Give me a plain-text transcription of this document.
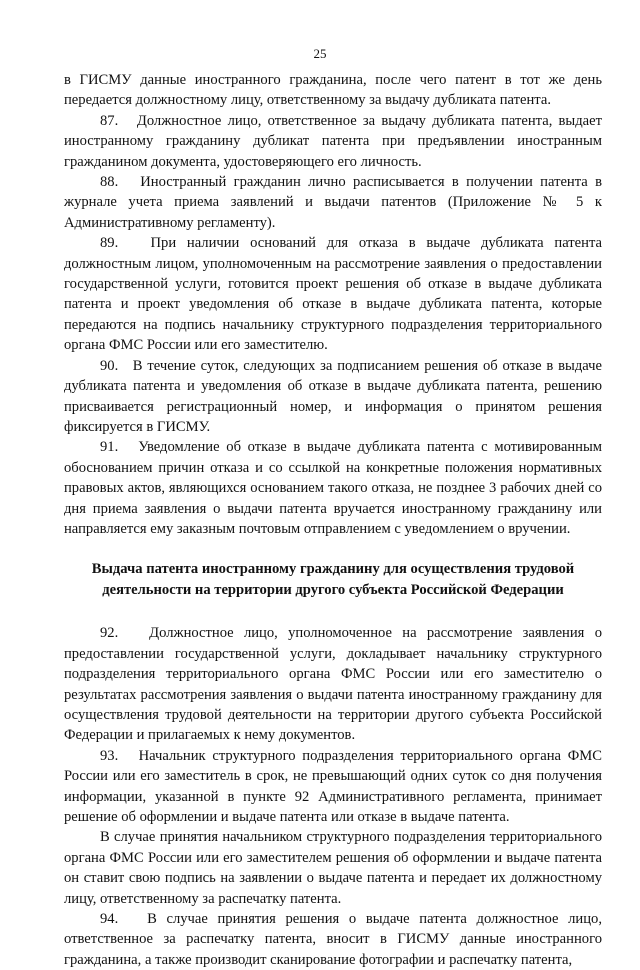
25

в ГИСМУ данные иностранного гражданина, после чего патент в тот же день передается должностному лицу, ответственному за выдачу дубликата патента.

87.   Должностное лицо, ответственное за выдачу дубликата патента, выдает иностранному гражданину дубликат патента при предъявлении иностранным гражданином документа, удостоверяющего его личность.

88.   Иностранный гражданин лично расписывается в получении патента в журнале учета приема заявлений и выдачи патентов (Приложение № 5 к Административному регламенту).

89.   При наличии оснований для отказа в выдаче дубликата патента должностным лицом, уполномоченным на рассмотрение заявления о предоставлении государственной услуги, готовится проект решения об отказе в выдаче дубликата патента и проект уведомления об отказе в выдаче дубликата патента, которые передаются на подпись начальнику структурного подразделения территориального органа ФМС России или его заместителю.

90.   В течение суток, следующих за подписанием решения об отказе в выдаче дубликата патента и уведомления об отказе в выдаче дубликата патента, решению присваивается регистрационный номер, и информация о принятом решения фиксируется в ГИСМУ.

91.   Уведомление об отказе в выдаче дубликата патента с мотивированным обоснованием причин отказа и со ссылкой на конкретные положения нормативных правовых актов, являющихся основанием такого отказа, не позднее 3 рабочих дней со дня приема заявления о выдачи патента вручается иностранному гражданину или направляется ему заказным почтовым отправлением с уведомлением о вручении.

Выдача патента иностранному гражданину для осуществления трудовой деятельности на территории другого субъекта Российской Федерации

92.   Должностное лицо, уполномоченное на рассмотрение заявления о предоставлении государственной услуги, докладывает начальнику структурного подразделения территориального органа ФМС России или его заместителю о результатах рассмотрения заявления о выдачи патента иностранному гражданину для осуществления трудовой деятельности на территории другого субъекта Российской Федерации и прилагаемых к нему документов.

93.   Начальник структурного подразделения территориального органа ФМС России или его заместитель в срок, не превышающий одних суток со дня получения информации, указанной в пункте 92 Административного регламента, принимает решение об оформлении и выдаче патента или отказе в выдаче патента.

В случае принятия начальником структурного подразделения территориального органа ФМС России или его заместителем решения об оформлении и выдаче патента он ставит свою подпись на заявлении о выдаче патента и передает их должностному лицу, ответственному за распечатку патента.

94.   В случае принятия решения о выдаче патента должностное лицо, ответственное за распечатку патента, вносит в ГИСМУ данные иностранного гражданина, а также производит сканирование фотографии и распечатку патента,
